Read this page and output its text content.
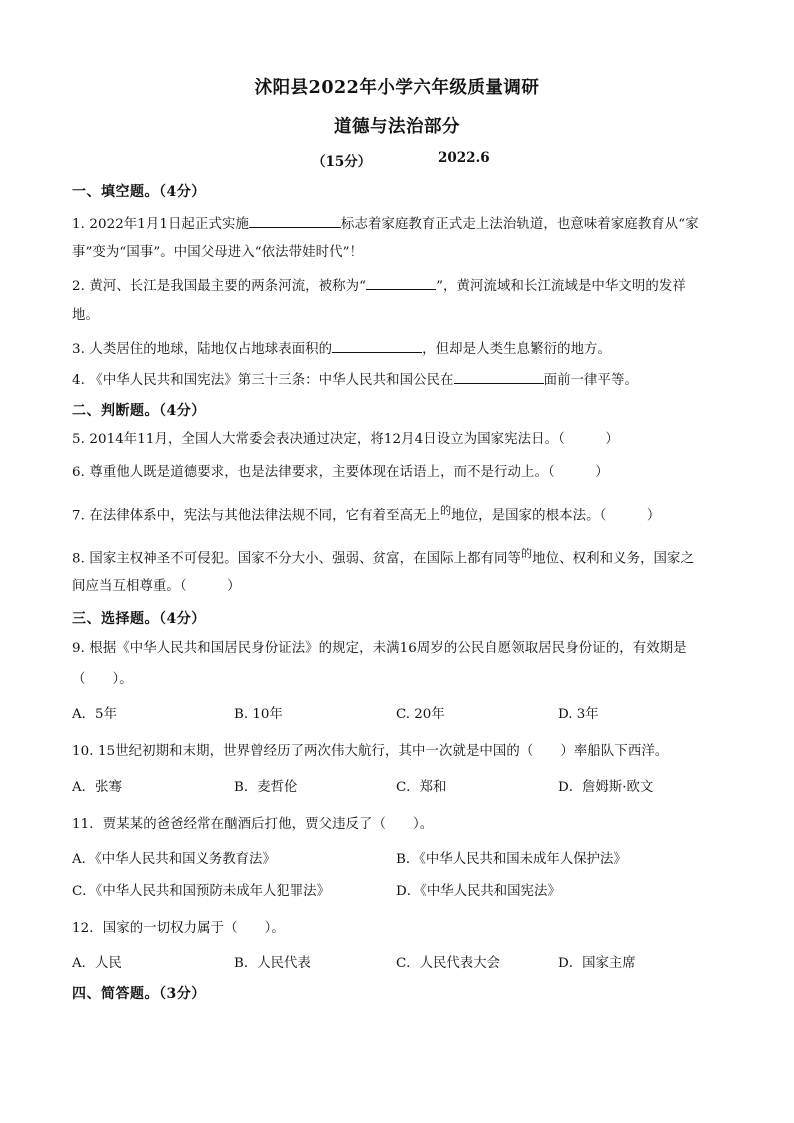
沭阳县2022年小学六年级质量调研
道德与法治部分
（15分）	2022.6
一、填空题。（4分）
1. 2022年1月1日起正式实施	标志着家庭教育正式走上法治轨道，也意味着家庭教育从“家
事”变为“国事”。中国父母进入“依法带娃时代”！
2. 黄河、长江是我国最主要的两条河流，被称为“	”，黄河流域和长江流域是中华文明的发祥
地。
3. 人类居住的地球，陆地仅占地球表面积的	，但却是人类生息繁衍的地方。
4. 《中华人民共和国宪法》第三十三条：中华人民共和国公民在	面前一律平等。
二、判断题。（4分）
5. 2014年11月，全国人大常委会表决通过决定，将12月4日设立为国家宪法日。（　　　）
6. 尊重他人既是道德要求，也是法律要求，主要体现在话语上，而不是行动上。（　　　）
7. 在法律体系中，宪法与其他法律法规不同，它有着至高无上$^的$地位，是国家的根本法。（　　　）
8. 国家主权神圣不可侵犯。国家不分大小、强弱、贫富，在国际上都有同等$^的$地位、权利和义务，国家之
间应当互相尊重。（　　　）
三、选择题。（4分）
9. 根据《中华人民共和国居民身份证法》的规定，未满16周岁的公民自愿领取居民身份证的，有效期是
（　　）。
A．5年	B. 10年	C. 20年	D. 3年
10. 15世纪初期和末期，世界曾经历了两次伟大航行，其中一次就是中国的（　　）率船队下西洋。
A．张骞	B．麦哲伦	C．郑和	D．詹姆斯·欧文
11．贾某某的爸爸经常在酗酒后打他，贾父违反了（　　）。
A．《中华人民共和国义务教育法》	B．《中华人民共和国未成年人保护法》
C．《中华人民共和国预防未成年人犯罪法》	D．《中华人民共和国宪法》
12．国家的一切权力属于（　　）。
A．人民	B．人民代表	C．人民代表大会	D．国家主席
四、简答题。（3分）
